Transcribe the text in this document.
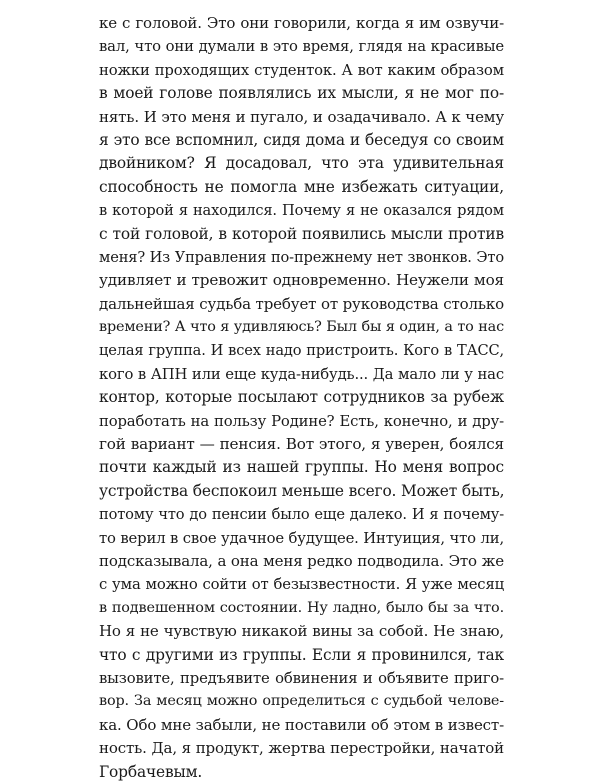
ке с головой. Это они говорили, когда я им озвучи-
вал, что они думали в это время, глядя на красивые
ножки проходящих студенток. А вот каким образом
в моей голове появлялись их мысли, я не мог по-
нять. И это меня и пугало, и озадачивало. А к чему
я это все вспомнил, сидя дома и беседуя со своим
двойником? Я досадовал, что эта удивительная
способность не помогла мне избежать ситуации,
в которой я находился. Почему я не оказался рядом
с той головой, в которой появились мысли против
меня? Из Управления по-прежнему нет звонков. Это
удивляет и тревожит одновременно. Неужели моя
дальнейшая судьба требует от руководства столько
времени? А что я удивляюсь? Был бы я один, а то нас
целая группа. И всех надо пристроить. Кого в ТАСС,
кого в АПН или еще куда-нибудь... Да мало ли у нас
контор, которые посылают сотрудников за рубеж
поработать на пользу Родине? Есть, конечно, и дру-
гой вариант — пенсия. Вот этого, я уверен, боялся
почти каждый из нашей группы. Но меня вопрос
устройства беспокоил меньше всего. Может быть,
потому что до пенсии было еще далеко. И я почему-
то верил в свое удачное будущее. Интуиция, что ли,
подсказывала, а она меня редко подводила. Это же
с ума можно сойти от безызвестности. Я уже месяц
в подвешенном состоянии. Ну ладно, было бы за что.
Но я не чувствую никакой вины за собой. Не знаю,
что с другими из группы. Если я провинился, так
вызовите, предъявите обвинения и объявите приго-
вор. За месяц можно определиться с судьбой челове-
ка. Обо мне забыли, не поставили об этом в извест-
ность. Да, я продукт, жертва перестройки, начатой
Горбачевым.
